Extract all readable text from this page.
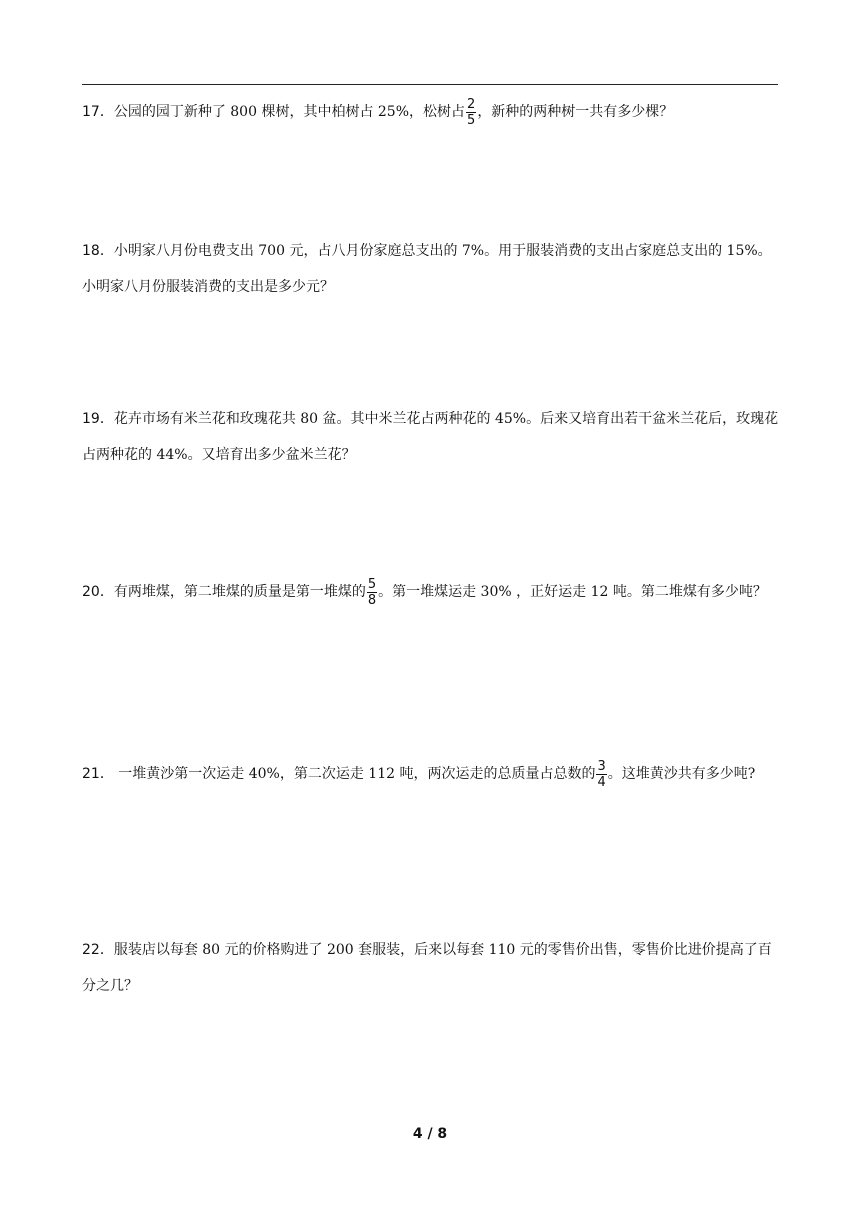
17．公园的园丁新种了 800 棵树，其中柏树占 25%，松树占 $\frac{2}{5}$ ，新种的两种树一共有多少棵？

18．小明家八月份电费支出 700 元，占八月份家庭总支出的 7%。用于服装消费的支出占家庭总支出的 15%。小明家八月份服装消费的支出是多少元？

19．花卉市场有米兰花和玫瑰花共 80 盆。其中米兰花占两种花的 45%。后来又培育出若干盆米兰花后，玫瑰花占两种花的 44%。又培育出多少盆米兰花？

20．有两堆煤，第二堆煤的质量是第一堆煤的 $\frac{5}{8}$ 。第一堆煤运走 30% ，正好运走 12 吨。第二堆煤有多少吨？

21． 一堆黄沙第一次运走 40%，第二次运走 112 吨，两次运走的总质量占总数的 $\frac{3}{4}$ 。这堆黄沙共有多少吨?

22．服装店以每套 80 元的价格购进了 200 套服装，后来以每套 110 元的零售价出售，零售价比进价提高了百分之几？

4 / 8
